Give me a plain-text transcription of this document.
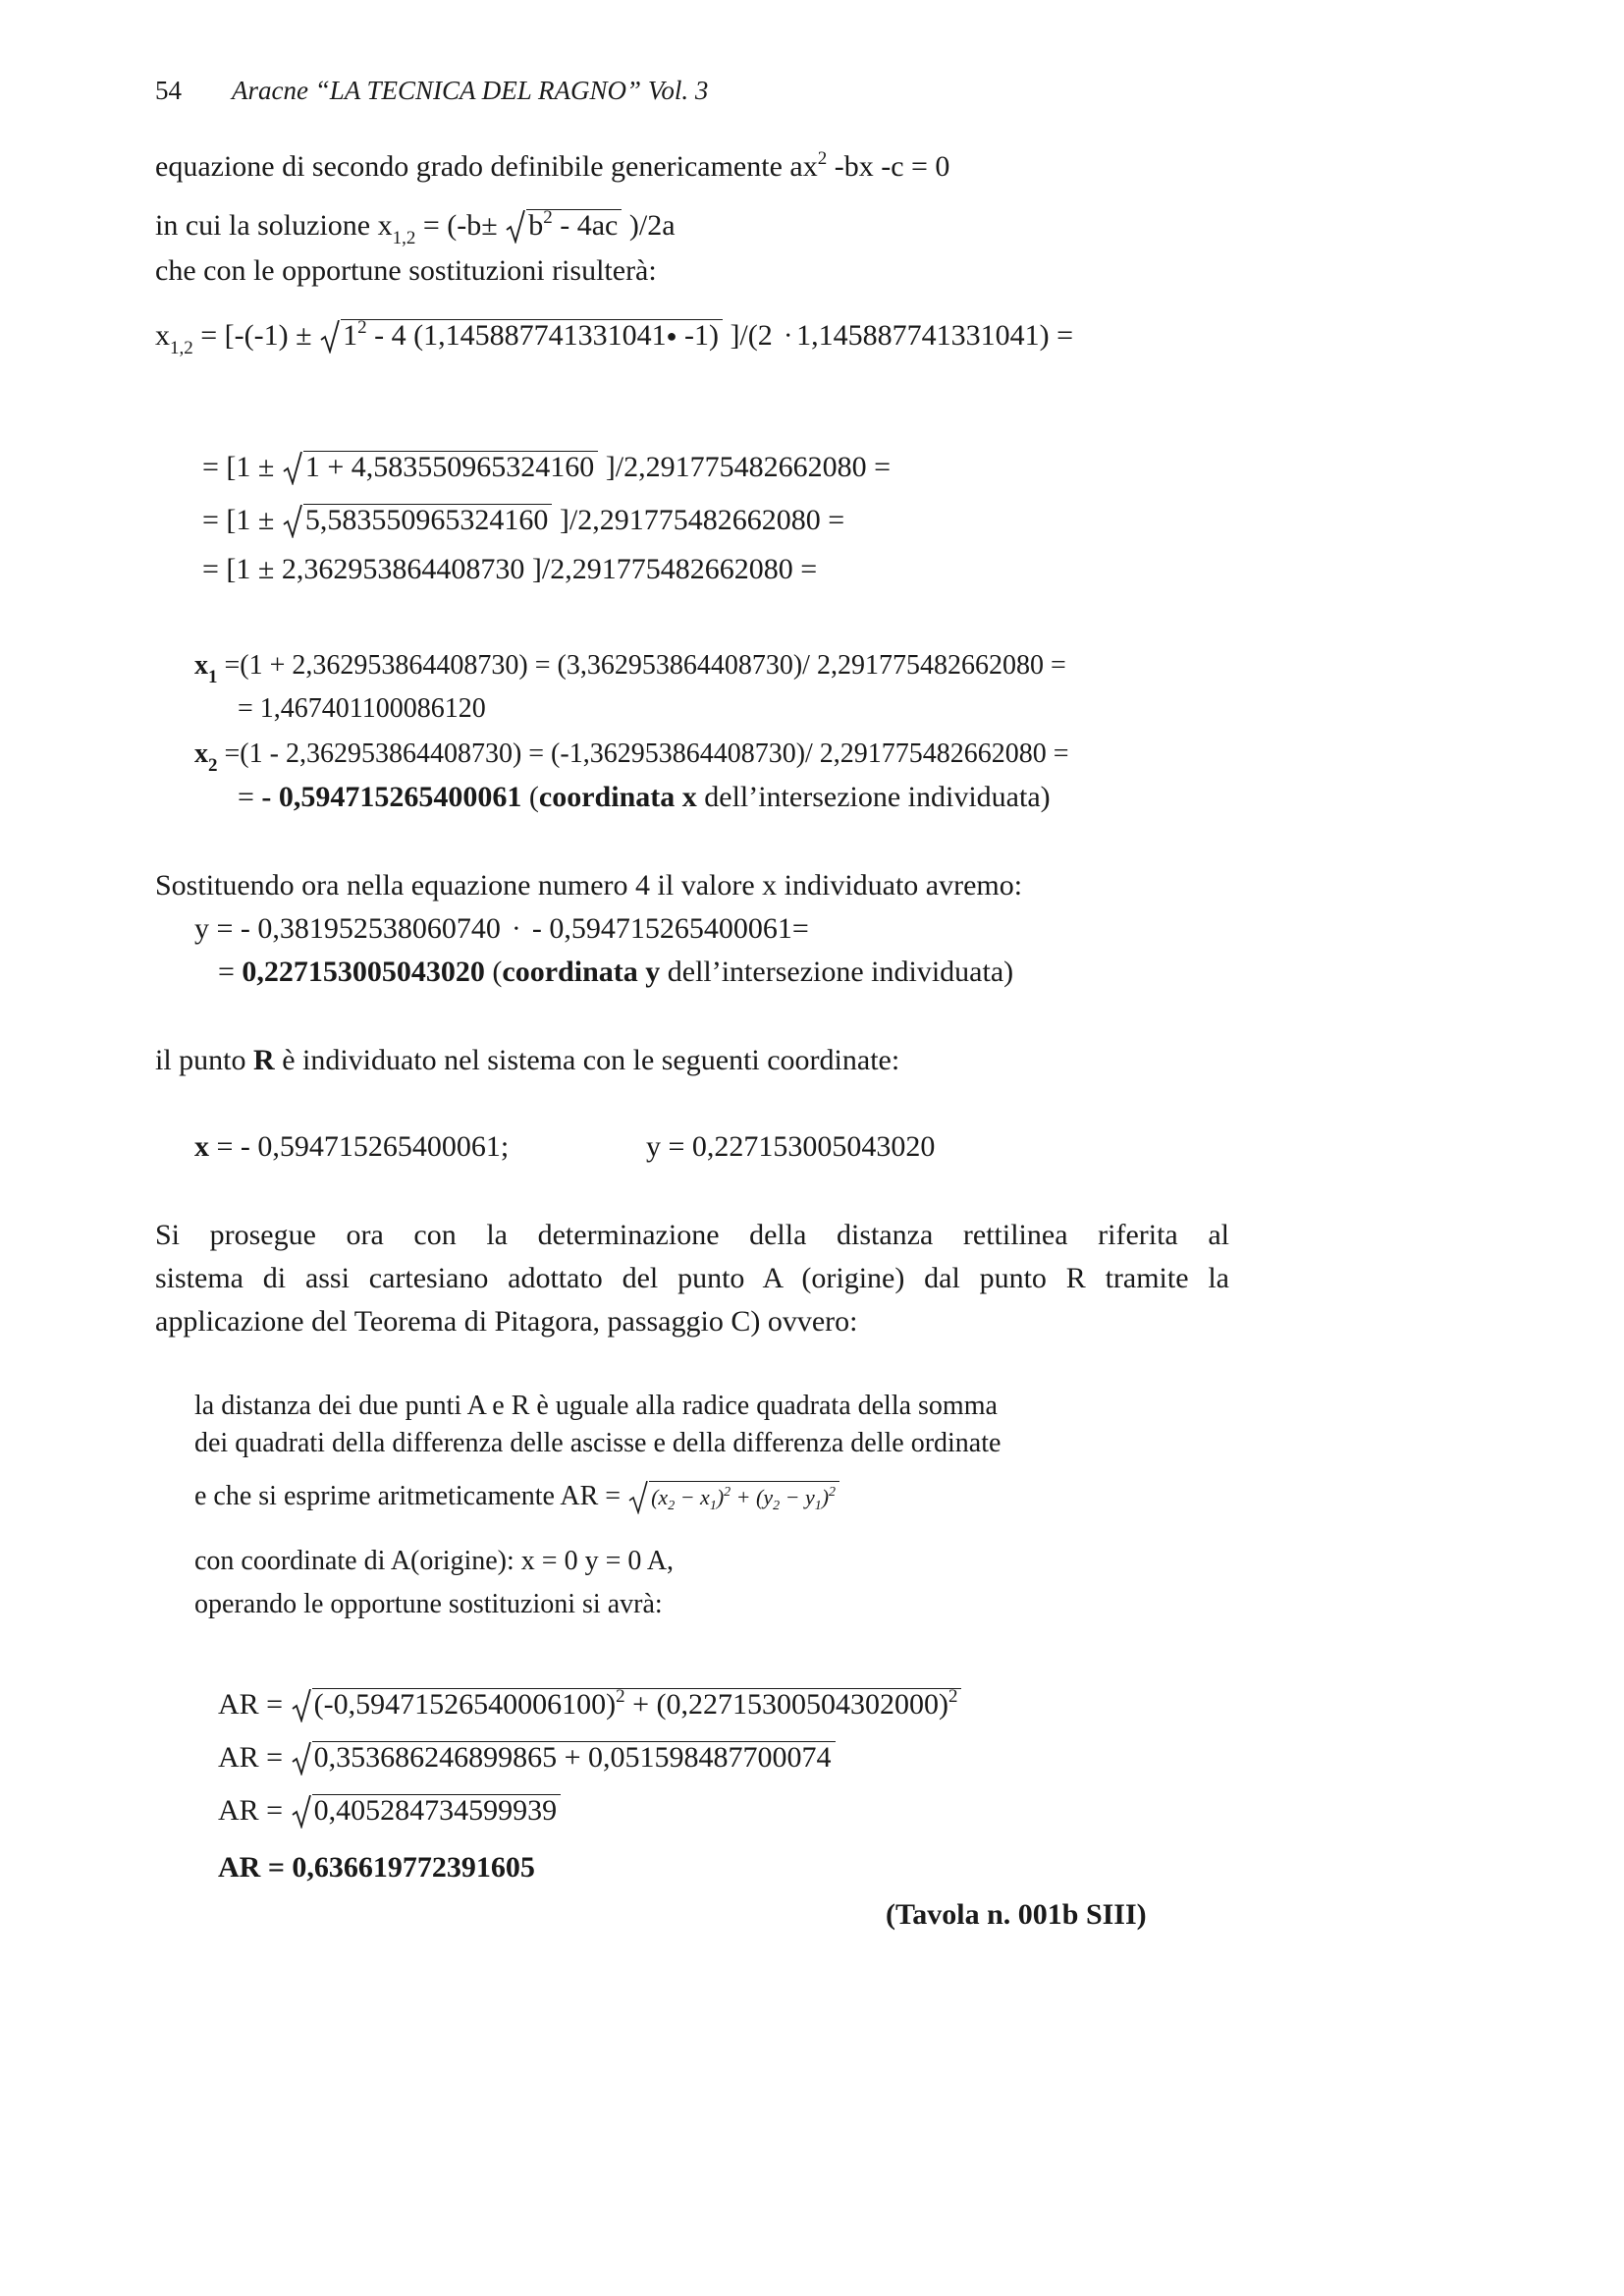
54 Aracne “LA TECNICA DEL RAGNO” Vol. 3
equazione di secondo grado definibile genericamente $ax^2$ -bx -c = 0
in cui la soluzione $x_{1,2} = (-b\pm b^2 - 4ac$ )/2a
che con le opportune sostituzioni risulterà:
$x_{1,2} = [-(-1)$ ±
$1^2 - 4$ (1,145887741331041● -1) ]/(2 • 1,145887741331041) =
= [1 ±
1 + 4,583550965324160 ]/2,291775482662080 =
= [1 ±
5,583550965324160 ]/2,291775482662080 =
= [1 ± 2,362953864408730 ]/2,291775482662080 =
$x_1 =(1 + 2,362953864408730) = (3,362953864408730)/$ 2,291775482662080 =
= 1,467401100086120
$x_2 =(1 - 2,362953864408730) = (-1,362953864408730)/$ 2,291775482662080 =
= - 0,594715265400061 (coordinata x dell’intersezione individuata)
Sostituendo ora nella equazione numero 4 il valore x individuato avremo:
y = - 0,381952538060740 • - 0,594715265400061=
= 0,227153005043020 (coordinata y dell’intersezione individuata)
il punto R è individuato nel sistema con le seguenti coordinate:
x = - 0,594715265400061;	y = 0,227153005043020
Si prosegue ora con la determinazione della distanza rettilinea riferita al
sistema di assi cartesiano adottato del punto A (origine) dal punto R tramite la
applicazione del Teorema di Pitagora, passaggio C) ovvero:
la distanza dei due punti A e R è uguale alla radice quadrata della somma
dei quadrati della differenza delle ascisse e della differenza delle ordinate
e che si esprime aritmeticamente AR =
$(x_2 - x_1)^2 + (y_2 - y_1)^2$
con coordinate di A(origine): x = 0 y = 0 A,
operando le opportune sostituzioni si avrà:
AR =
$(-0,59471526540006100)^2 + (0,22715300504302000)^2$
AR =
0,353686246899865 + 0,051598487700074
AR =
0,405284734599939
AR = 0,636619772391605
(Tavola n. 001b SIII)
